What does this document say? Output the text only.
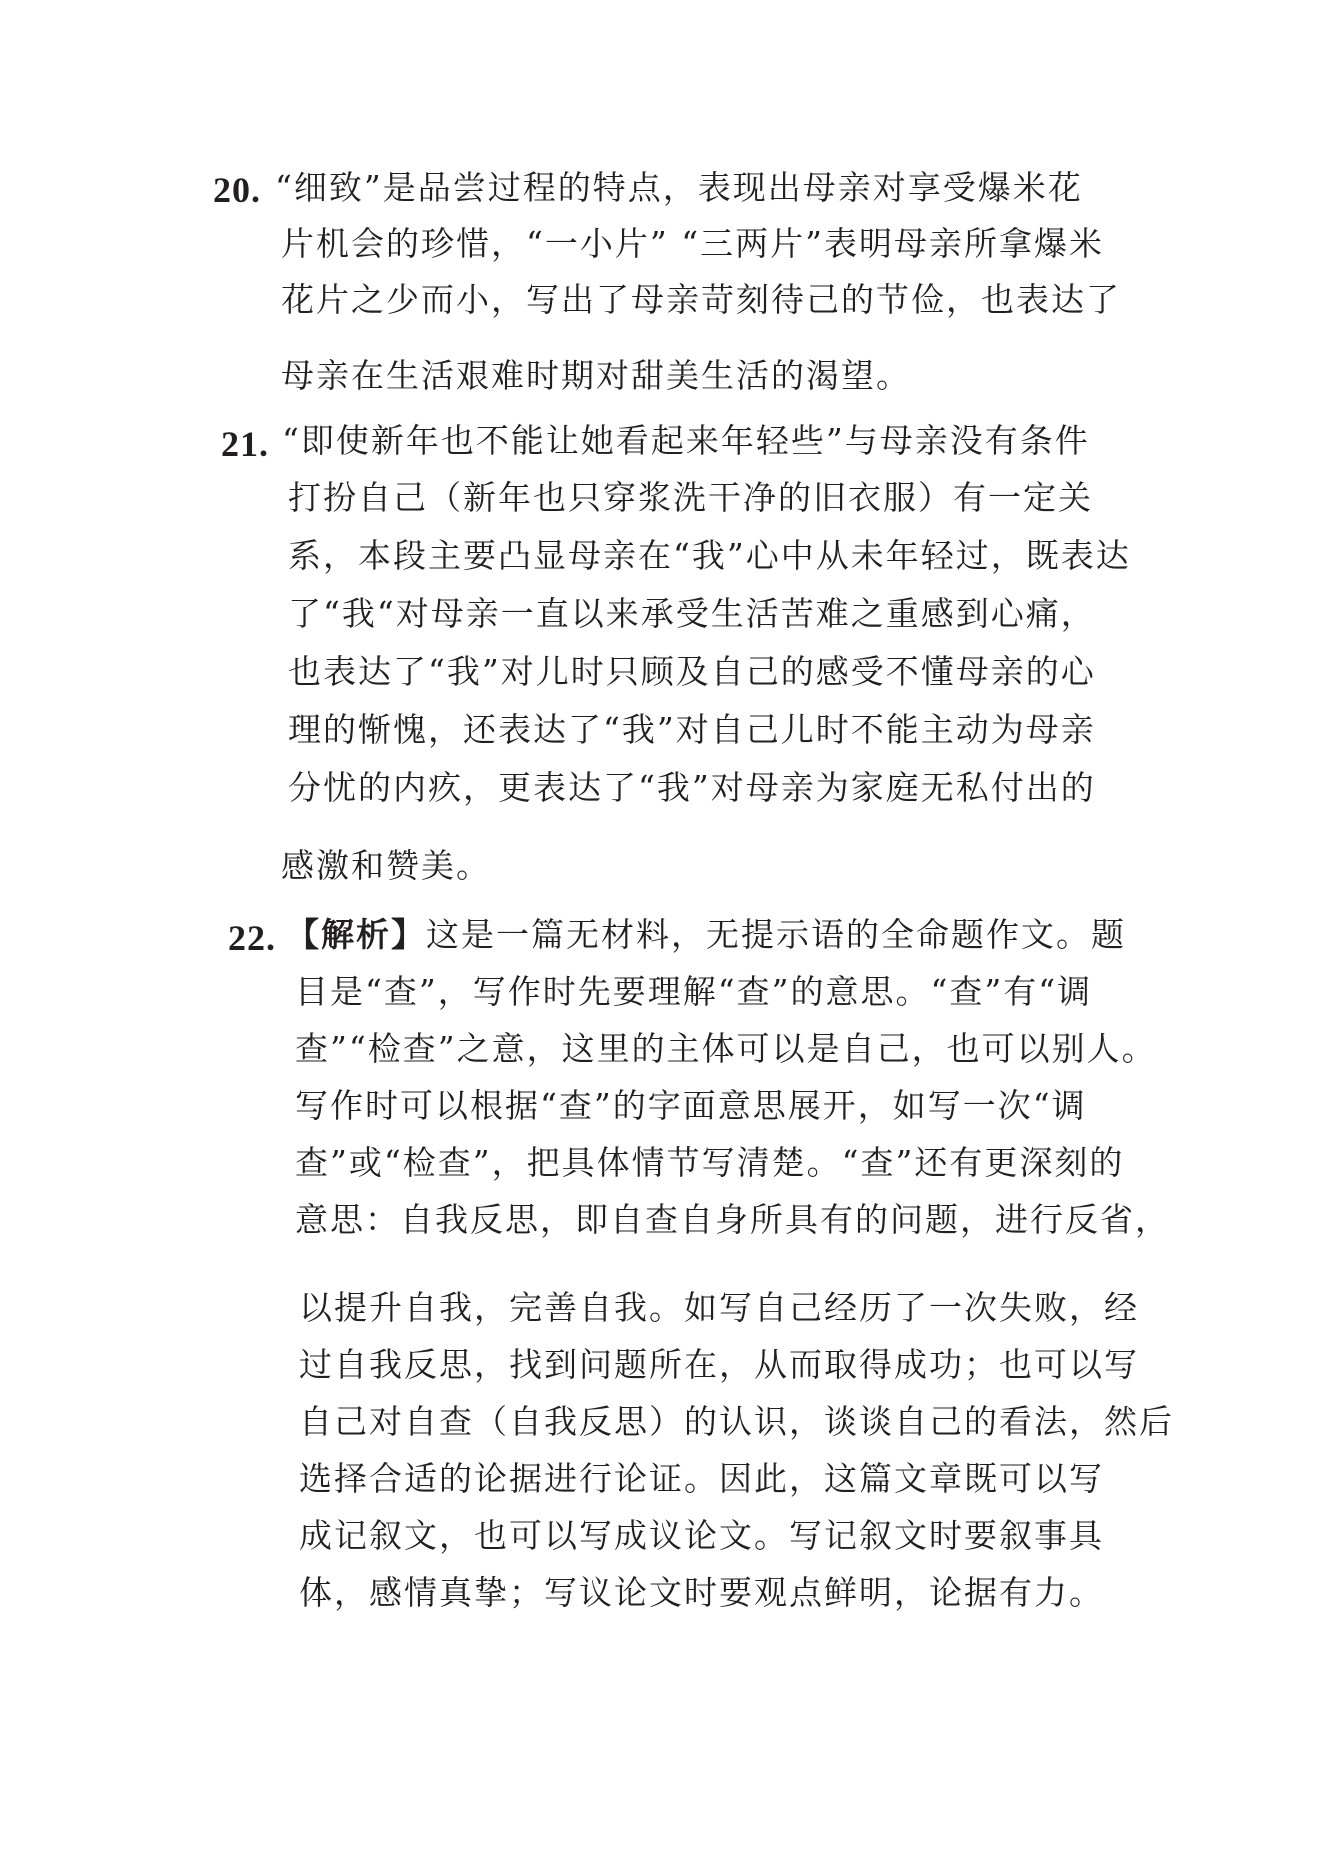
20. “细致”是品尝过程的特点，表现出母亲对享受爆米花
片机会的珍惜，“一小片” “三两片”表明母亲所拿爆米
花片之少而小，写出了母亲苛刻待己的节俭，也表达了
母亲在生活艰难时期对甜美生活的渴望。
21. “即使新年也不能让她看起来年轻些”与母亲没有条件
打扮自己（新年也只穿浆洗干净的旧衣服）有一定关
系，本段主要凸显母亲在“我”心中从未年轻过，既表达
了“我“对母亲一直以来承受生活苦难之重感到心痛，
也表达了“我”对儿时只顾及自己的感受不懂母亲的心
理的惭愧，还表达了“我”对自己儿时不能主动为母亲
分忧的内疚，更表达了“我”对母亲为家庭无私付出的
感激和赞美。
22. 【解析】这是一篇无材料，无提示语的全命题作文。题
目是“查”，写作时先要理解“查”的意思。“查”有“调
查”“检查”之意，这里的主体可以是自己，也可以别人。
写作时可以根据“查”的字面意思展开，如写一次“调
查”或“检查”，把具体情节写清楚。“查”还有更深刻的
意思：自我反思，即自查自身所具有的问题，进行反省，
以提升自我，完善自我。如写自己经历了一次失败，经
过自我反思，找到问题所在，从而取得成功；也可以写
自己对自查（自我反思）的认识，谈谈自己的看法，然后
选择合适的论据进行论证。因此，这篇文章既可以写
成记叙文，也可以写成议论文。写记叙文时要叙事具
体，感情真挚；写议论文时要观点鲜明，论据有力。
